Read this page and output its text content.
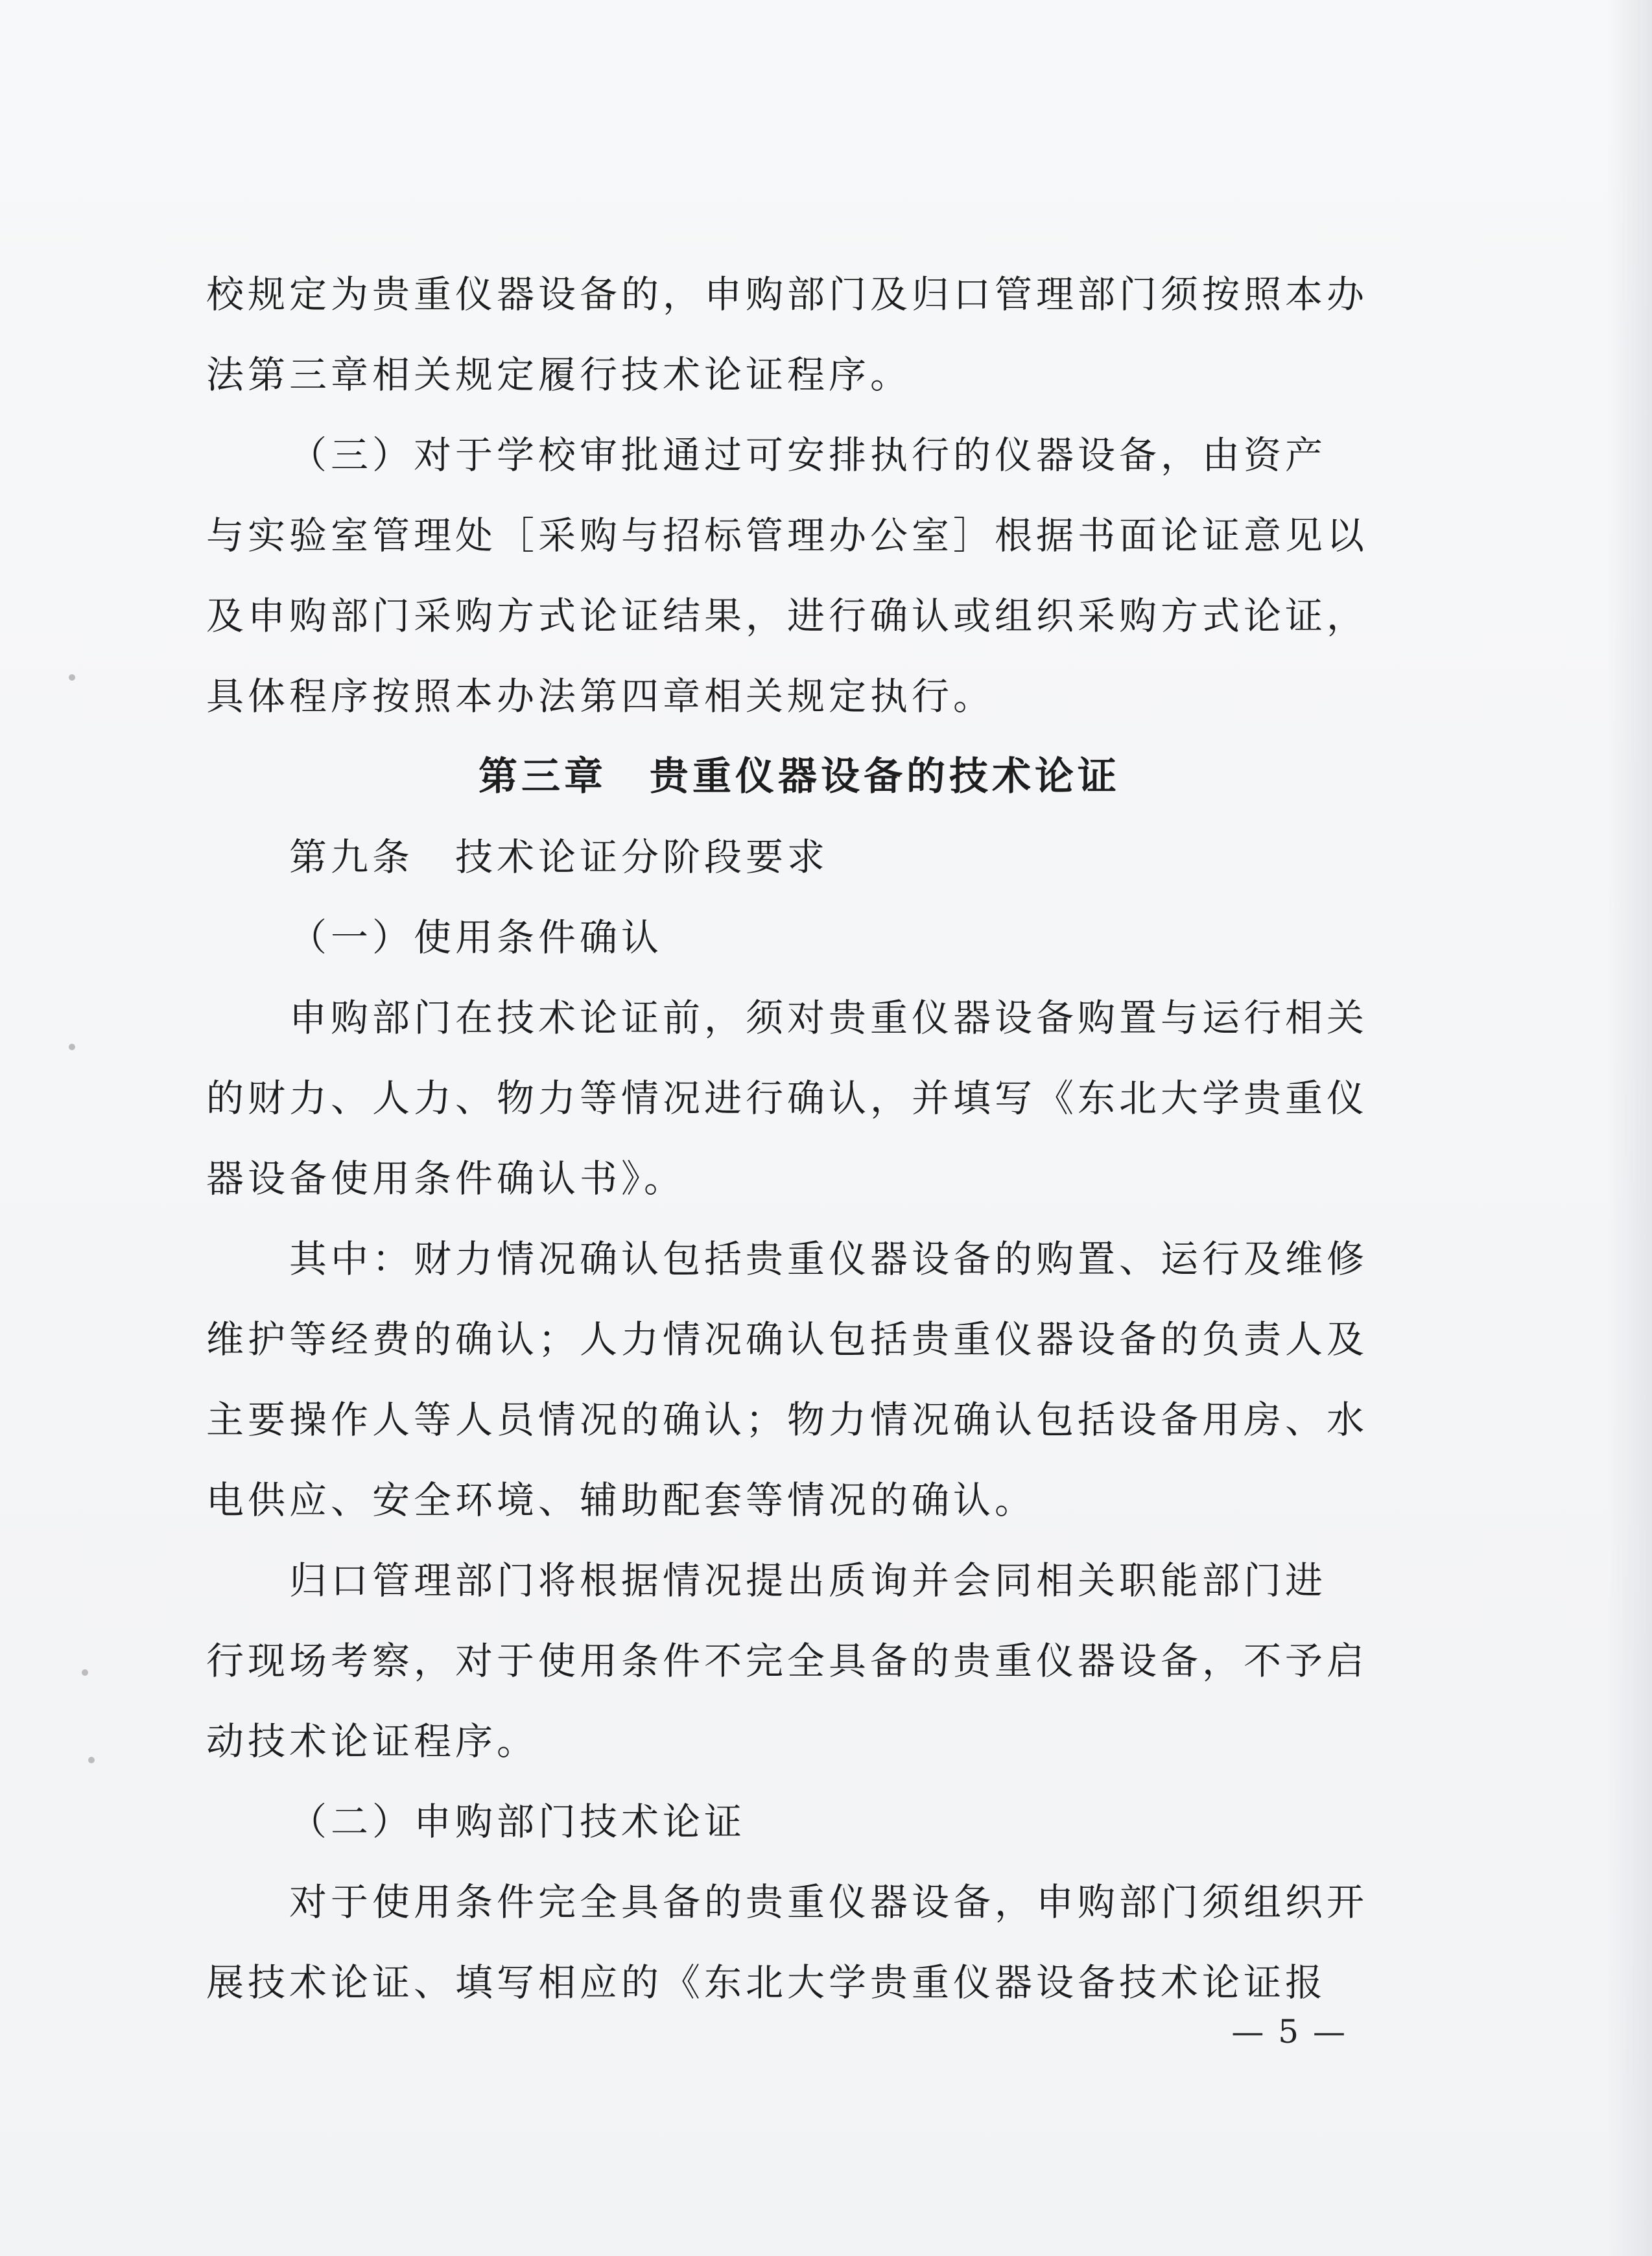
校规定为贵重仪器设备的，申购部门及归口管理部门须按照本办
法第三章相关规定履行技术论证程序。
（三）对于学校审批通过可安排执行的仪器设备，由资产
与实验室管理处［采购与招标管理办公室］根据书面论证意见以
及申购部门采购方式论证结果，进行确认或组织采购方式论证，
具体程序按照本办法第四章相关规定执行。
第三章　贵重仪器设备的技术论证
第九条　技术论证分阶段要求
（一）使用条件确认
申购部门在技术论证前，须对贵重仪器设备购置与运行相关
的财力、人力、物力等情况进行确认，并填写《东北大学贵重仪
器设备使用条件确认书》。
其中：财力情况确认包括贵重仪器设备的购置、运行及维修
维护等经费的确认；人力情况确认包括贵重仪器设备的负责人及
主要操作人等人员情况的确认；物力情况确认包括设备用房、水
电供应、安全环境、辅助配套等情况的确认。
归口管理部门将根据情况提出质询并会同相关职能部门进
行现场考察，对于使用条件不完全具备的贵重仪器设备，不予启
动技术论证程序。
（二）申购部门技术论证
对于使用条件完全具备的贵重仪器设备，申购部门须组织开
展技术论证、填写相应的《东北大学贵重仪器设备技术论证报
— 5 —
